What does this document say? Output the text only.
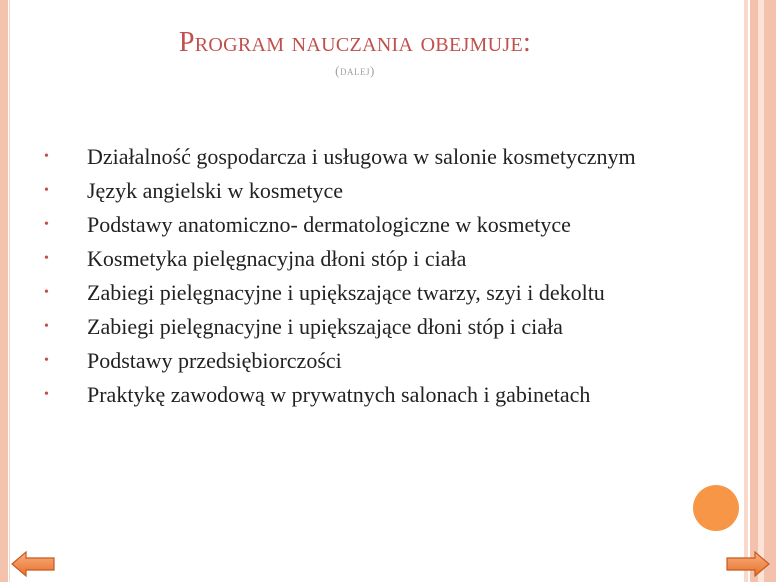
Program nauczania obejmuje:
(dalej)
• Działalność gospodarcza i usługowa w salonie kosmetycznym
• Język angielski w kosmetyce
• Podstawy anatomiczno- dermatologiczne w kosmetyce
• Kosmetyka pielęgnacyjna dłoni stóp i ciała
• Zabiegi pielęgnacyjne i upiększające twarzy, szyi i dekoltu
• Zabiegi pielęgnacyjne i upiększające dłoni stóp i ciała
• Podstawy przedsiębiorczości
• Praktykę zawodową w prywatnych salonach i gabinetach
